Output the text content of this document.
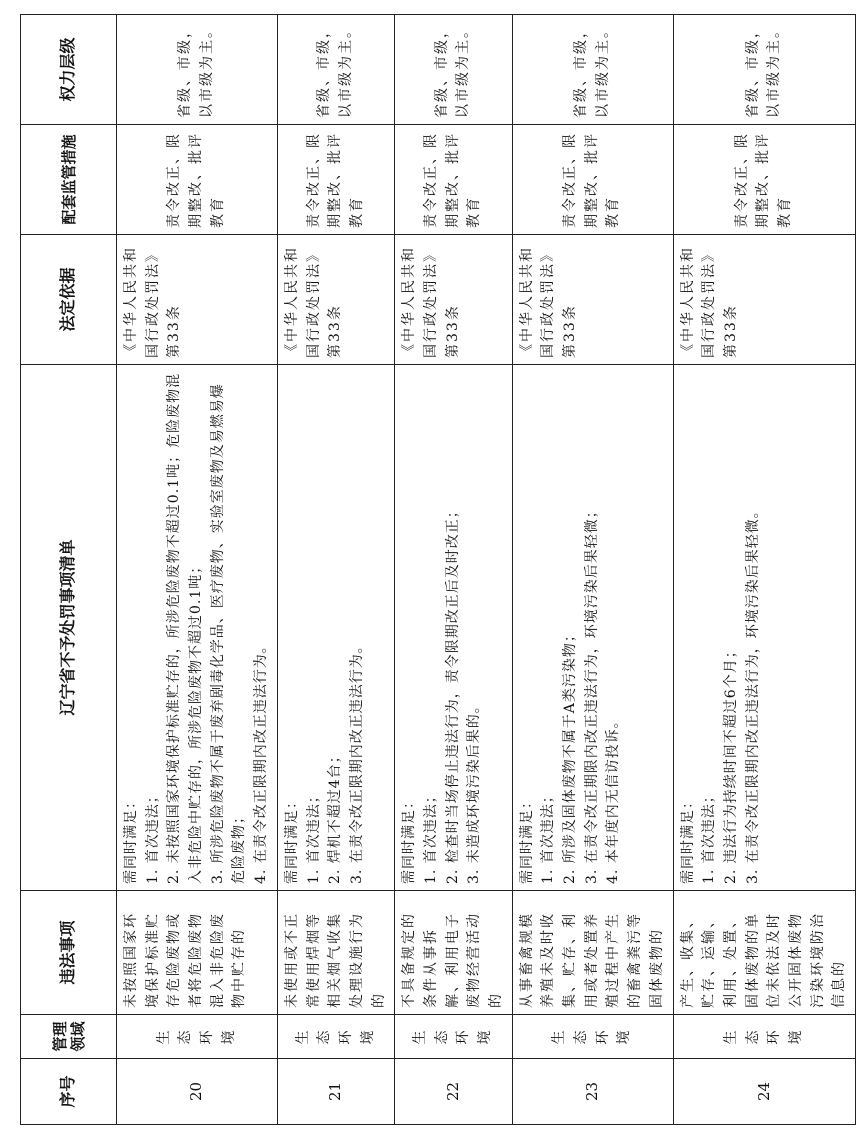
序号	管理领域	违法事项	辽宁省不予处罚事项清单	法定依据	配套监管措施	权力层级
20	生态环境	未按照国家环境保护标准贮存危险废物或者将危险废物混入非危险废物中贮存的	需同时满足： 1. 首次违法； 2. 未按照国家环境保护标准贮存的，所涉危险废物不超过0.1吨；危险废物混入非危险中贮存的，所涉危险废物不超过0.1吨； 3. 所涉危险废物不属于废弃剧毒化学品、医疗废物、实验室废物及易燃易爆危险废物； 4. 在责令改正限期内改正违法行为。	《中华人民共和国行政处罚法》第33条	责令改正、限期整改、批评教育	省级、市级，以市级为主。
21	生态环境	未使用或不正常使用焊烟等相关烟气收集处理设施行为的	需同时满足： 1. 首次违法； 2. 焊机不超过4台； 3. 在责令改正限期内改正违法行为。	《中华人民共和国行政处罚法》第33条	责令改正、限期整改、批评教育	省级、市级，以市级为主。
22	生态环境	不具备规定的条件从事拆解、利用电子废物经营活动的	需同时满足： 1. 首次违法； 2. 检查时当场停止违法行为，责令限期改正后及时改正； 3. 未造成环境污染后果的。	《中华人民共和国行政处罚法》第33条	责令改正、限期整改、批评教育	省级、市级，以市级为主。
23	生态环境	从事畜禽规模养殖未及时收集、贮存、利用或者处置养殖过程中产生的畜禽粪污等固体废物的	需同时满足： 1. 首次违法； 2. 所涉及固体废物不属于A类污染物； 3. 在责令改正期限内改正违法行为，环境污染后果轻微； 4. 本年度内无信访投诉。	《中华人民共和国行政处罚法》第33条	责令改正、限期整改、批评教育	省级、市级，以市级为主。
24	生态环境	产生、收集、贮存、运输、利用、处置、固体废物的单位未依法及时公开固体废物污染环境防治信息的	需同时满足： 1. 首次违法； 2. 违法行为持续时间不超过6个月； 3. 在责令改正限期内改正违法行为，环境污染后果轻微。	《中华人民共和国行政处罚法》第33条	责令改正、限期整改、批评教育	省级、市级，以市级为主。
